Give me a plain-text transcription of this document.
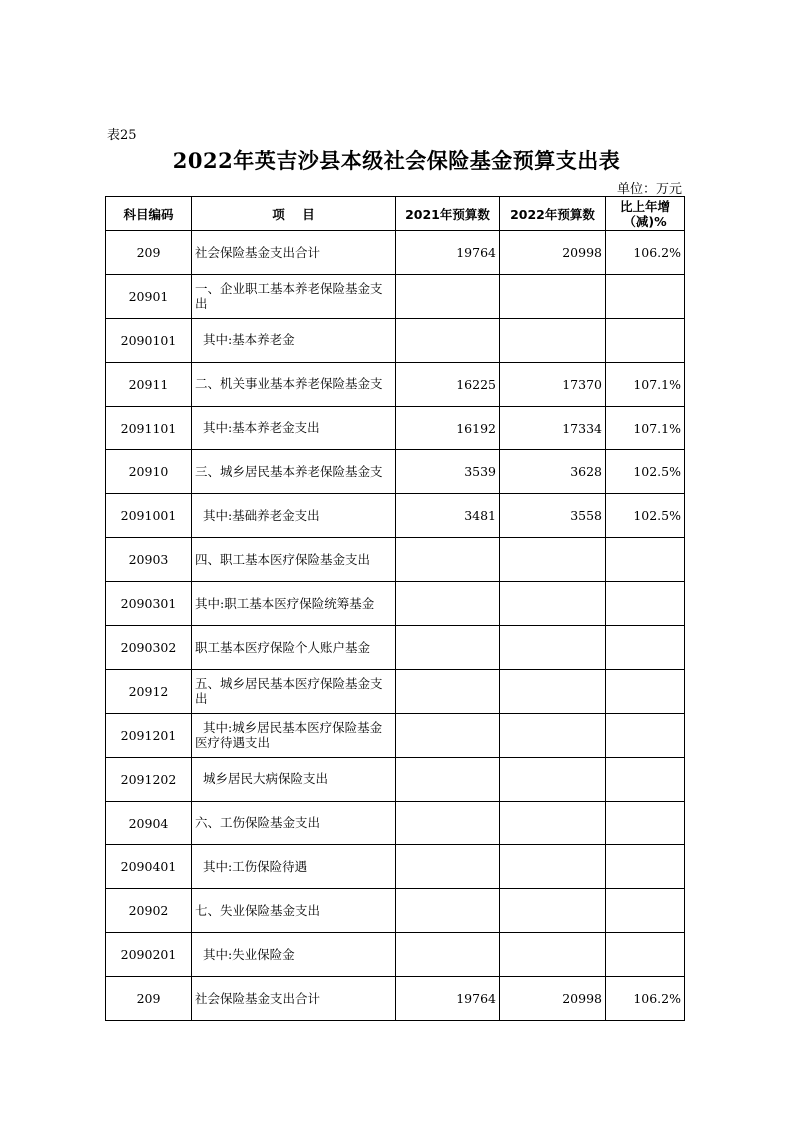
表25
2022年英吉沙县本级社会保险基金预算支出表
单位：万元
科目编码	项    目	2021年预算数	2022年预算数	比上年增（减)%
209	社会保险基金支出合计	19764	20998	106.2%
20901	一、企业职工基本养老保险基金支出			
2090101	其中:基本养老金			
20911	二、机关事业基本养老保险基金支	16225	17370	107.1%
2091101	其中:基本养老金支出	16192	17334	107.1%
20910	三、城乡居民基本养老保险基金支	3539	3628	102.5%
2091001	其中:基础养老金支出	3481	3558	102.5%
20903	四、职工基本医疗保险基金支出			
2090301	其中:职工基本医疗保险统筹基金			
2090302	职工基本医疗保险个人账户基金			
20912	五、城乡居民基本医疗保险基金支出			
2091201	其中:城乡居民基本医疗保险基金医疗待遇支出			
2091202	城乡居民大病保险支出			
20904	六、工伤保险基金支出			
2090401	其中:工伤保险待遇			
20902	七、失业保险基金支出			
2090201	其中:失业保险金			
209	社会保险基金支出合计	19764	20998	106.2%
